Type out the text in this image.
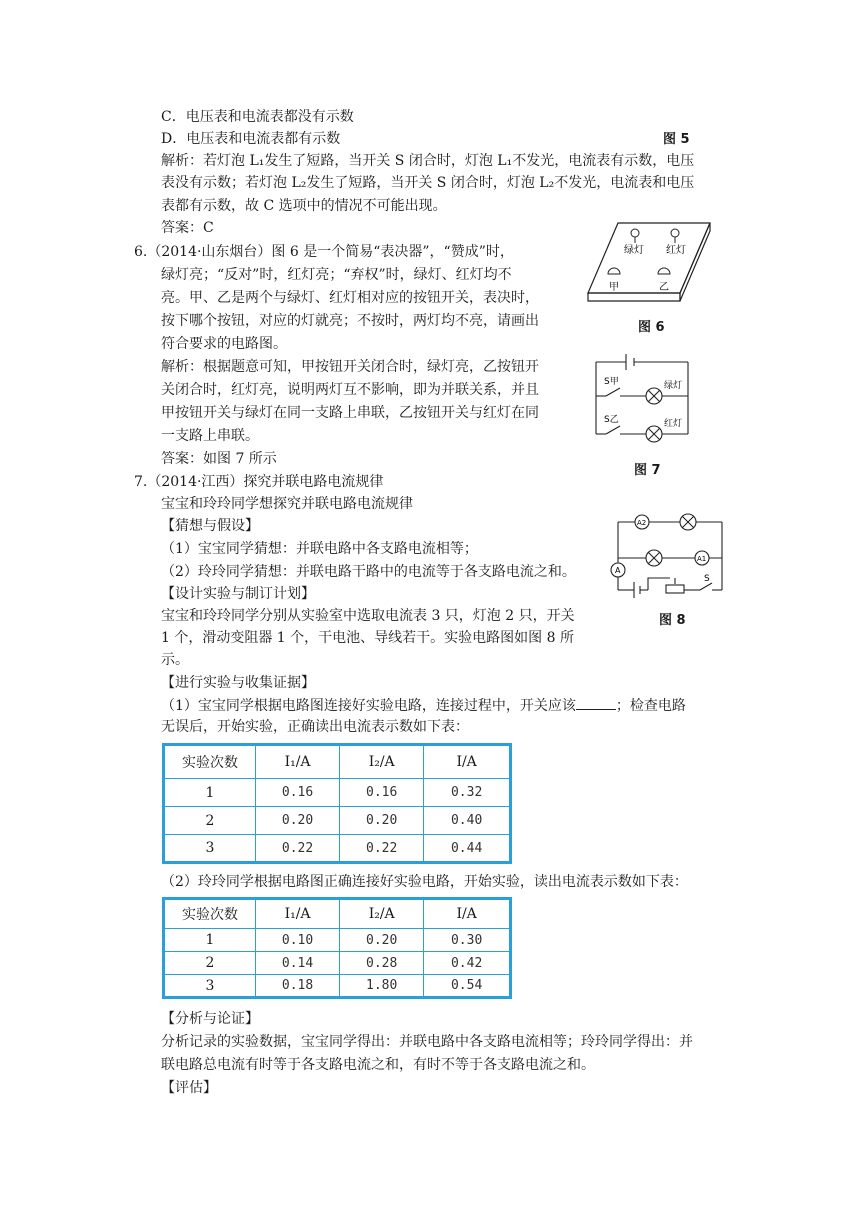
C．电压表和电流表都没有示数
D．电压表和电流表都有示数
解析：若灯泡 L₁发生了短路，当开关 S 闭合时，灯泡 L₁不发光，电流表有示数，电压
表没有示数；若灯泡 L₂发生了短路，当开关 S 闭合时，灯泡 L₂不发光，电流表和电压
表都有示数，故 C 选项中的情况不可能出现。
答案：C
6.（2014·山东烟台）图 6 是一个简易“表决器”，“赞成”时，
绿灯亮；“反对”时，红灯亮；“弃权”时，绿灯、红灯均不
亮。甲、乙是两个与绿灯、红灯相对应的按钮开关，表决时，
按下哪个按钮，对应的灯就亮；不按时，两灯均不亮，请画出
符合要求的电路图。
解析：根据题意可知，甲按钮开关闭合时，绿灯亮，乙按钮开
关闭合时，红灯亮，说明两灯互不影响，即为并联关系，并且
甲按钮开关与绿灯在同一支路上串联，乙按钮开关与红灯在同
一支路上串联。
答案：如图 7 所示
7.（2014·江西）探究并联电路电流规律
宝宝和玲玲同学想探究并联电路电流规律
【猜想与假设】
（1）宝宝同学猜想：并联电路中各支路电流相等；
（2）玲玲同学猜想：并联电路干路中的电流等于各支路电流之和。
【设计实验与制订计划】
宝宝和玲玲同学分别从实验室中选取电流表 3 只，灯泡 2 只，开关
1 个，滑动变阻器 1 个，干电池、导线若干。实验电路图如图 8 所
示。
【进行实验与收集证据】
（1）宝宝同学根据电路图连接好实验电路，连接过程中，开关应该	；检查电路
无误后，开始实验，正确读出电流表示数如下表：
实验次数	I₁/A	I₂/A	I/A
1	0.16	0.16	0.32
2	0.20	0.20	0.40
3	0.22	0.22	0.44
（2）玲玲同学根据电路图正确连接好实验电路，开始实验，读出电流表示数如下表：
实验次数	I₁/A	I₂/A	I/A
1	0.10	0.20	0.30
2	0.14	0.28	0.42
3	0.18	1.80	0.54
【分析与论证】
分析记录的实验数据，宝宝同学得出：并联电路中各支路电流相等；玲玲同学得出：并
联电路总电流有时等于各支路电流之和，有时不等于各支路电流之和。
【评估】
图 5
图 6
图 7
图 8
绿灯 红灯
甲	乙
S甲
S乙
绿灯
红灯
A2
A1
A
S
